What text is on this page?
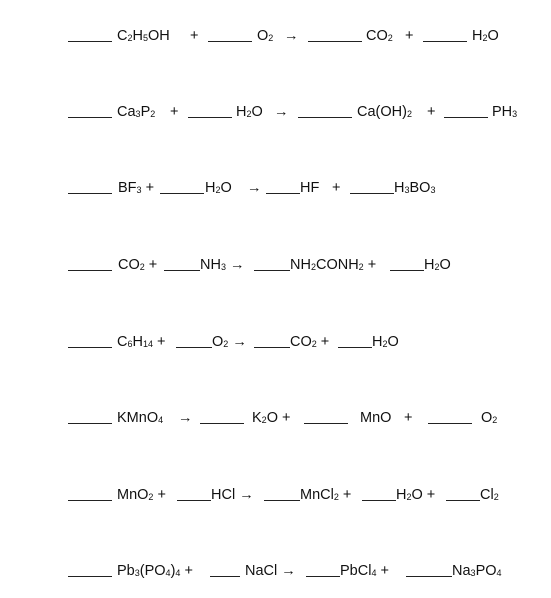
$C_2H_5OH$ +	$O_2$ →	$CO_2$ +	$H_2O$
$Ca_3P_2$ +	$H_2O$ →	$Ca(OH)_2$ +	$PH_3$
$BF_3$ +	$H_2O$ →	HF +	$H_3BO_3$
$CO_2$ +	$NH_3$ →	$NH_2CONH_2$ +	$H_2O$
$C_6H_{14}$ +	$O_2$ →	$CO_2$ +	$H_2O$
KMnO$_4$ →	$K_2O$ +	MnO +	$O_2$
MnO$_2$ +	HCl →	MnCl$_2$ +	$H_2O$ +	$Cl_2$
$Pb_3(PO_4)_4$ +	NaCl →	PbCl$_4$ +	$Na_3PO_4$
